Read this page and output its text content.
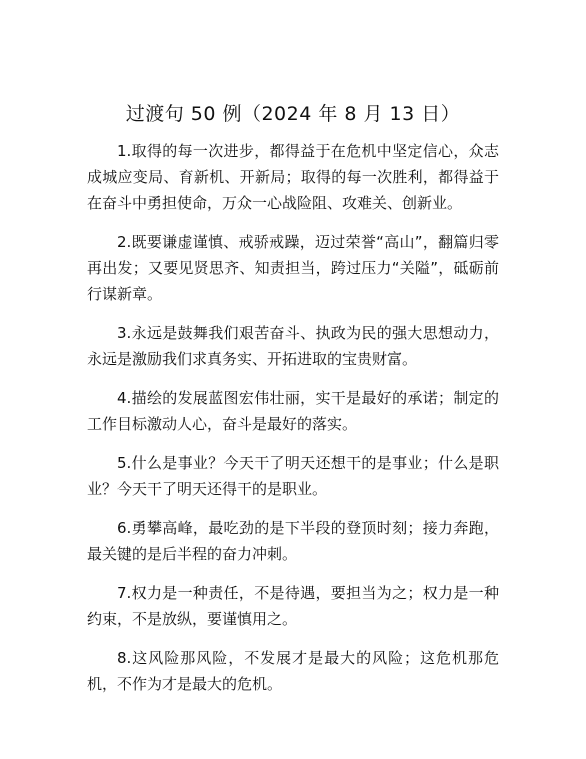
过渡句 50 例（2024 年 8 月 13 日）

1.取得的每一次进步，都得益于在危机中坚定信心，众志成城应变局、育新机、开新局；取得的每一次胜利，都得益于在奋斗中勇担使命，万众一心战险阻、攻难关、创新业。

2.既要谦虚谨慎、戒骄戒躁，迈过荣誉“高山”，翻篇归零再出发；又要见贤思齐、知责担当，跨过压力“关隘”，砥砺前行谋新章。

3.永远是鼓舞我们艰苦奋斗、执政为民的强大思想动力，永远是激励我们求真务实、开拓进取的宝贵财富。

4.描绘的发展蓝图宏伟壮丽，实干是最好的承诺；制定的工作目标激动人心，奋斗是最好的落实。

5.什么是事业？今天干了明天还想干的是事业；什么是职业？今天干了明天还得干的是职业。

6.勇攀高峰，最吃劲的是下半段的登顶时刻；接力奔跑，最关键的是后半程的奋力冲刺。

7.权力是一种责任，不是待遇，要担当为之；权力是一种约束，不是放纵，要谨慎用之。

8.这风险那风险，不发展才是最大的风险；这危机那危机，不作为才是最大的危机。
